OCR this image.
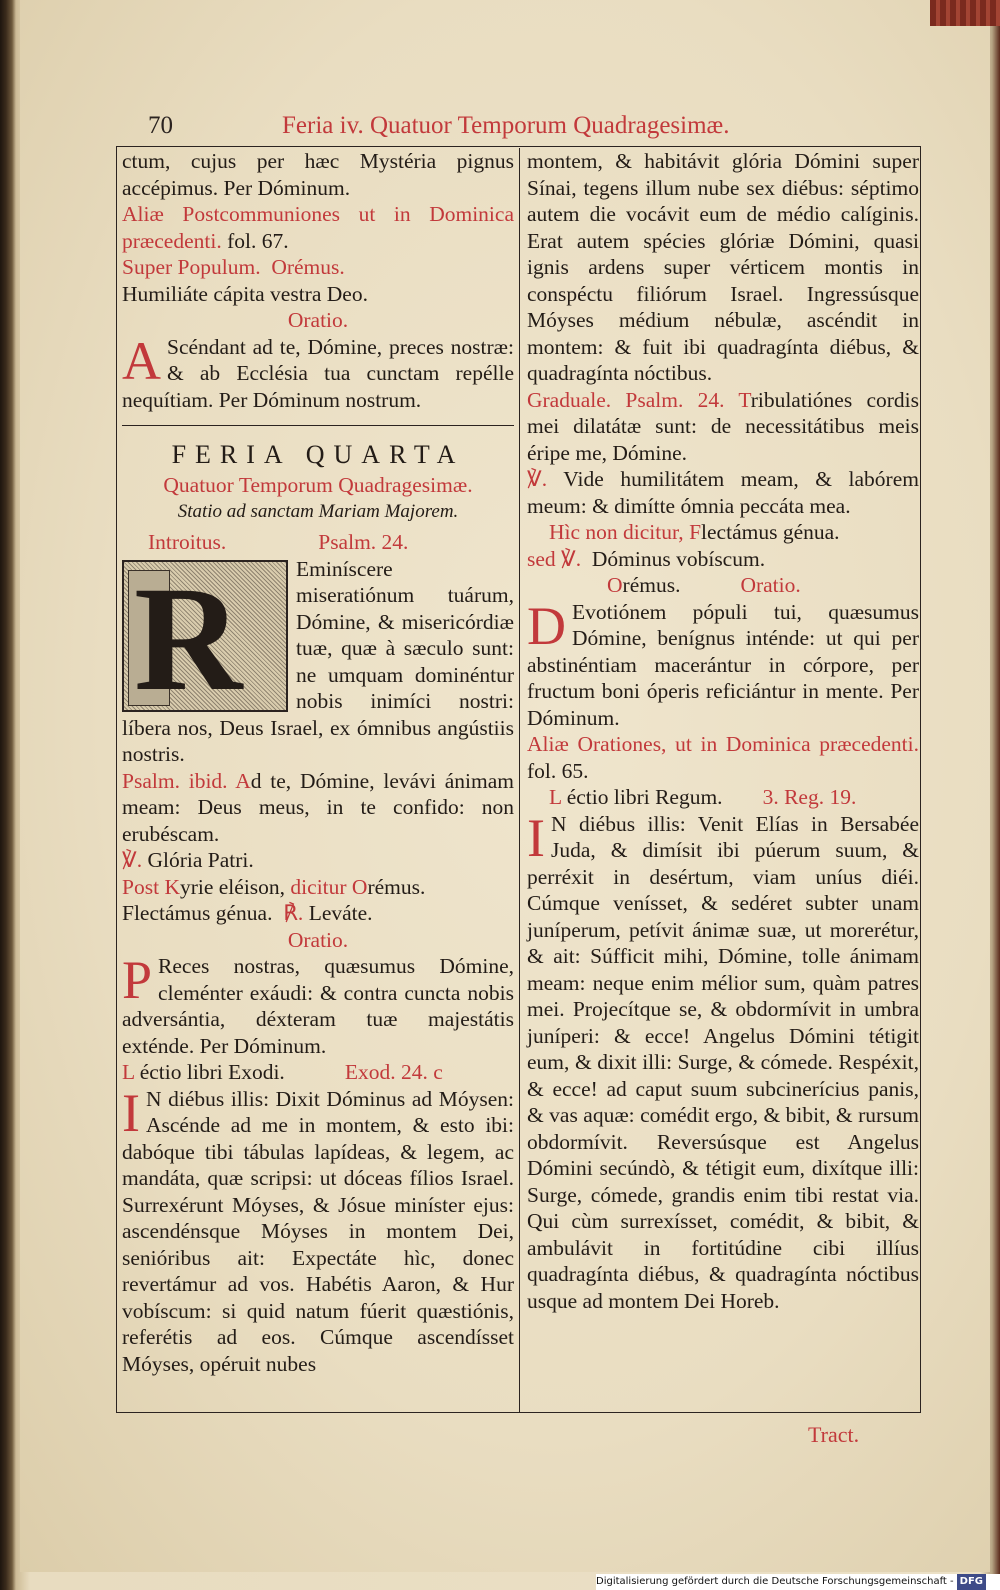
70	Feria iv. Quatuor Temporum Quadragesimæ.

ctum, cujus per hæc Mystéria pignus accépimus. Per Dóminum.

Aliæ Postcommuniones ut in Dominica præcedenti. fol. 67.

Super Populum. Orémus.

Humiliáte cápita vestra Deo.

Oratio.

A Scéndant ad te, Dómine, preces nostræ: & ab Ecclésia tua cunctam repélle nequítiam. Per Dóminum nostrum.

FERIA QUARTA

Quatuor Temporum Quadragesimæ.

Statio ad sanctam Mariam Majorem.

Introitus.	Psalm. 24.

R	Eminíscere miseratiónum tuárum, Dómine, & misericórdiæ tuæ, quæ à sæculo sunt: ne umquam dominéntur nobis inimíci nostri: líbera nos, Deus Israel, ex ómnibus angústiis nostris.

Psalm. ibid. Ad te, Dómine, levávi ánimam meam: Deus meus, in te confido: non erubéscam.

℣. Glória Patri.

Post Kyrie eléison, dicitur Orémus.

Flectámus génua. ℟. Leváte.

Oratio.

P Reces nostras, quæsumus Dómine, cleménter exáudi: & contra cuncta nobis adversántia, déxteram tuæ majestátis exténde. Per Dóminum.

L éctio libri Exodi.	Exod. 24. c

I N diébus illis: Dixit Dóminus ad Móysen: Ascénde ad me in montem, & esto ibi: dabóque tibi tábulas lapídeas, & legem, ac mandáta, quæ scripsi: ut dóceas fílios Israel. Surrexérunt Móyses, & Jósue miníster ejus: ascendénsque Móyses in montem Dei, senióribus ait: Expectáte hìc, donec revertámur ad vos. Habétis Aaron, & Hur vobíscum: si quid natum fúerit quæstiónis, referétis ad eos. Cúmque ascendísset Móyses, opéruit nubes

montem, & habitávit glória Dómini super Sínai, tegens illum nube sex diébus: séptimo autem die vocávit eum de médio calíginis. Erat autem spécies glóriæ Dómini, quasi ignis ardens super vérticem montis in conspéctu filiórum Israel. Ingressúsque Móyses médium nébulæ, ascéndit in montem: & fuit ibi quadragínta diébus, & quadragínta nóctibus.

Graduale. Psalm. 24. Tribulatiónes cordis mei dilatátæ sunt: de necessitátibus meis éripe me, Dómine.

℣. Vide humilitátem meam, & labórem meum: & dimítte ómnia peccáta mea.

Hìc non dicitur, Flectámus génua.

sed ℣. Dóminus vobíscum.

Orémus.	Oratio.

D Evotiónem pópuli tui, quæsumus Dómine, benígnus inténde: ut qui per abstinéntiam macerántur in córpore, per fructum boni óperis reficiántur in mente. Per Dóminum.

Aliæ Orationes, ut in Dominica præcedenti. fol. 65.

L éctio libri Regum. 3. Reg. 19.

I N diébus illis: Venit Elías in Bersabée Juda, & dimísit ibi púerum suum, & perréxit in desértum, viam uníus diéi. Cúmque venísset, & sedéret subter unam juníperum, petívit ánimæ suæ, ut morerétur, & ait: Súfficit mihi, Dómine, tolle ánimam meam: neque enim mélior sum, quàm patres mei. Projecítque se, & obdormívit in umbra juníperi: & ecce! Angelus Dómini tétigit eum, & dixit illi: Surge, & cómede. Respéxit, & ecce! ad caput suum subcinerícius panis, & vas aquæ: comédit ergo, & bibit, & rursum obdormívit. Reversúsque est Angelus Dómini secúndò, & tétigit eum, dixítque illi: Surge, cómede, grandis enim tibi restat via. Qui cùm surrexísset, comédit, & bibit, & ambulávit in fortitúdine cibi illíus quadragínta diébus, & quadragínta nóctibus usque ad montem Dei Horeb.

Tract.
Digitalisierung gefördert durch die Deutsche Forschungsgemeinschaft - DFG
